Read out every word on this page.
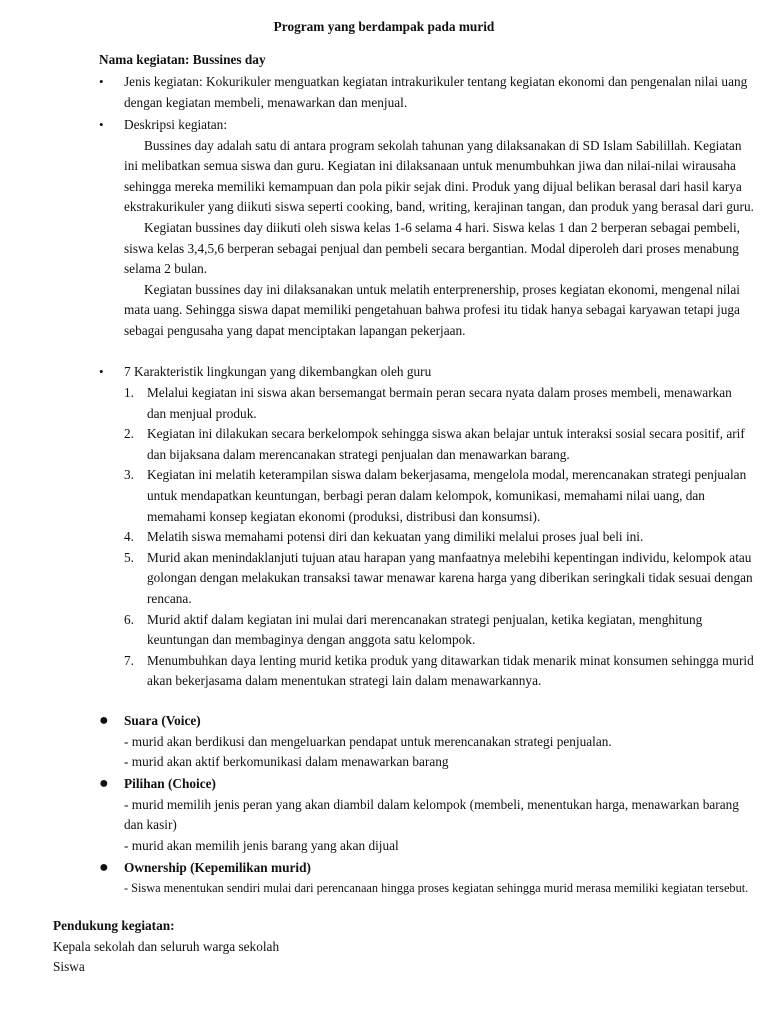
Program yang berdampak pada murid
Nama kegiatan: Bussines day
• Jenis kegiatan: Kokurikuler menguatkan kegiatan intrakurikuler tentang kegiatan ekonomi dan pengenalan nilai uang dengan kegiatan membeli, menawarkan dan menjual.
• Deskripsi kegiatan:

Bussines day adalah satu di antara program sekolah tahunan yang dilaksanakan di SD Islam Sabilillah. Kegiatan ini melibatkan semua siswa dan guru. Kegiatan ini dilaksanaan untuk menumbuhkan jiwa dan nilai-nilai wirausaha sehingga mereka memiliki kemampuan dan pola pikir sejak dini. Produk yang dijual belikan berasal dari hasil karya ekstrakurikuler yang diikuti siswa seperti cooking, band, writing, kerajinan tangan, dan produk yang berasal dari guru.

Kegiatan bussines day diikuti oleh siswa kelas 1-6 selama 4 hari. Siswa kelas 1 dan 2 berperan sebagai pembeli, siswa kelas 3,4,5,6 berperan sebagai penjual dan pembeli secara bergantian. Modal diperoleh dari proses menabung selama 2 bulan.

Kegiatan bussines day ini dilaksanakan untuk melatih enterprenership, proses kegiatan ekonomi, mengenal nilai mata uang. Sehingga siswa dapat memiliki pengetahuan bahwa profesi itu tidak hanya sebagai karyawan tetapi juga sebagai pengusaha yang dapat menciptakan lapangan pekerjaan.

• 7 Karakteristik lingkungan yang dikembangkan oleh guru
1. Melalui kegiatan ini siswa akan bersemangat bermain peran secara nyata dalam proses membeli, menawarkan dan menjual produk.
2. Kegiatan ini dilakukan secara berkelompok sehingga siswa akan belajar untuk interaksi sosial secara positif, arif dan bijaksana dalam merencanakan strategi penjualan dan menawarkan barang.
3. Kegiatan ini melatih keterampilan siswa dalam bekerjasama, mengelola modal, merencanakan strategi penjualan untuk mendapatkan keuntungan, berbagi peran dalam kelompok, komunikasi, memahami nilai uang, dan memahami konsep kegiatan ekonomi (produksi, distribusi dan konsumsi).
4. Melatih siswa memahami potensi diri dan kekuatan yang dimiliki melalui proses jual beli ini.
5. Murid akan menindaklanjuti tujuan atau harapan yang manfaatnya melebihi kepentingan individu, kelompok atau golongan dengan melakukan transaksi tawar menawar karena harga yang diberikan seringkali tidak sesuai dengan rencana.
6. Murid aktif dalam kegiatan ini mulai dari merencanakan strategi penjualan, ketika kegiatan, menghitung keuntungan dan membaginya dengan anggota satu kelompok.
7. Menumbuhkan daya lenting murid ketika produk yang ditawarkan tidak menarik minat konsumen sehingga murid akan bekerjasama dalam menentukan strategi lain dalam menawarkannya.
● Suara (Voice)

- murid akan berdikusi dan mengeluarkan pendapat untuk merencanakan strategi penjualan.

- murid akan aktif berkomunikasi dalam menawarkan barang

● Pilihan (Choice)

- murid memilih jenis peran yang akan diambil dalam kelompok (membeli, menentukan harga, menawarkan barang dan kasir)

- murid akan memilih jenis barang yang akan dijual

● Ownership (Kepemilikan murid)

- Siswa menentukan sendiri mulai dari perencanaan hingga proses kegiatan sehingga murid merasa memiliki kegiatan tersebut.

Pendukung kegiatan:

Kepala sekolah dan seluruh warga sekolah

Siswa
